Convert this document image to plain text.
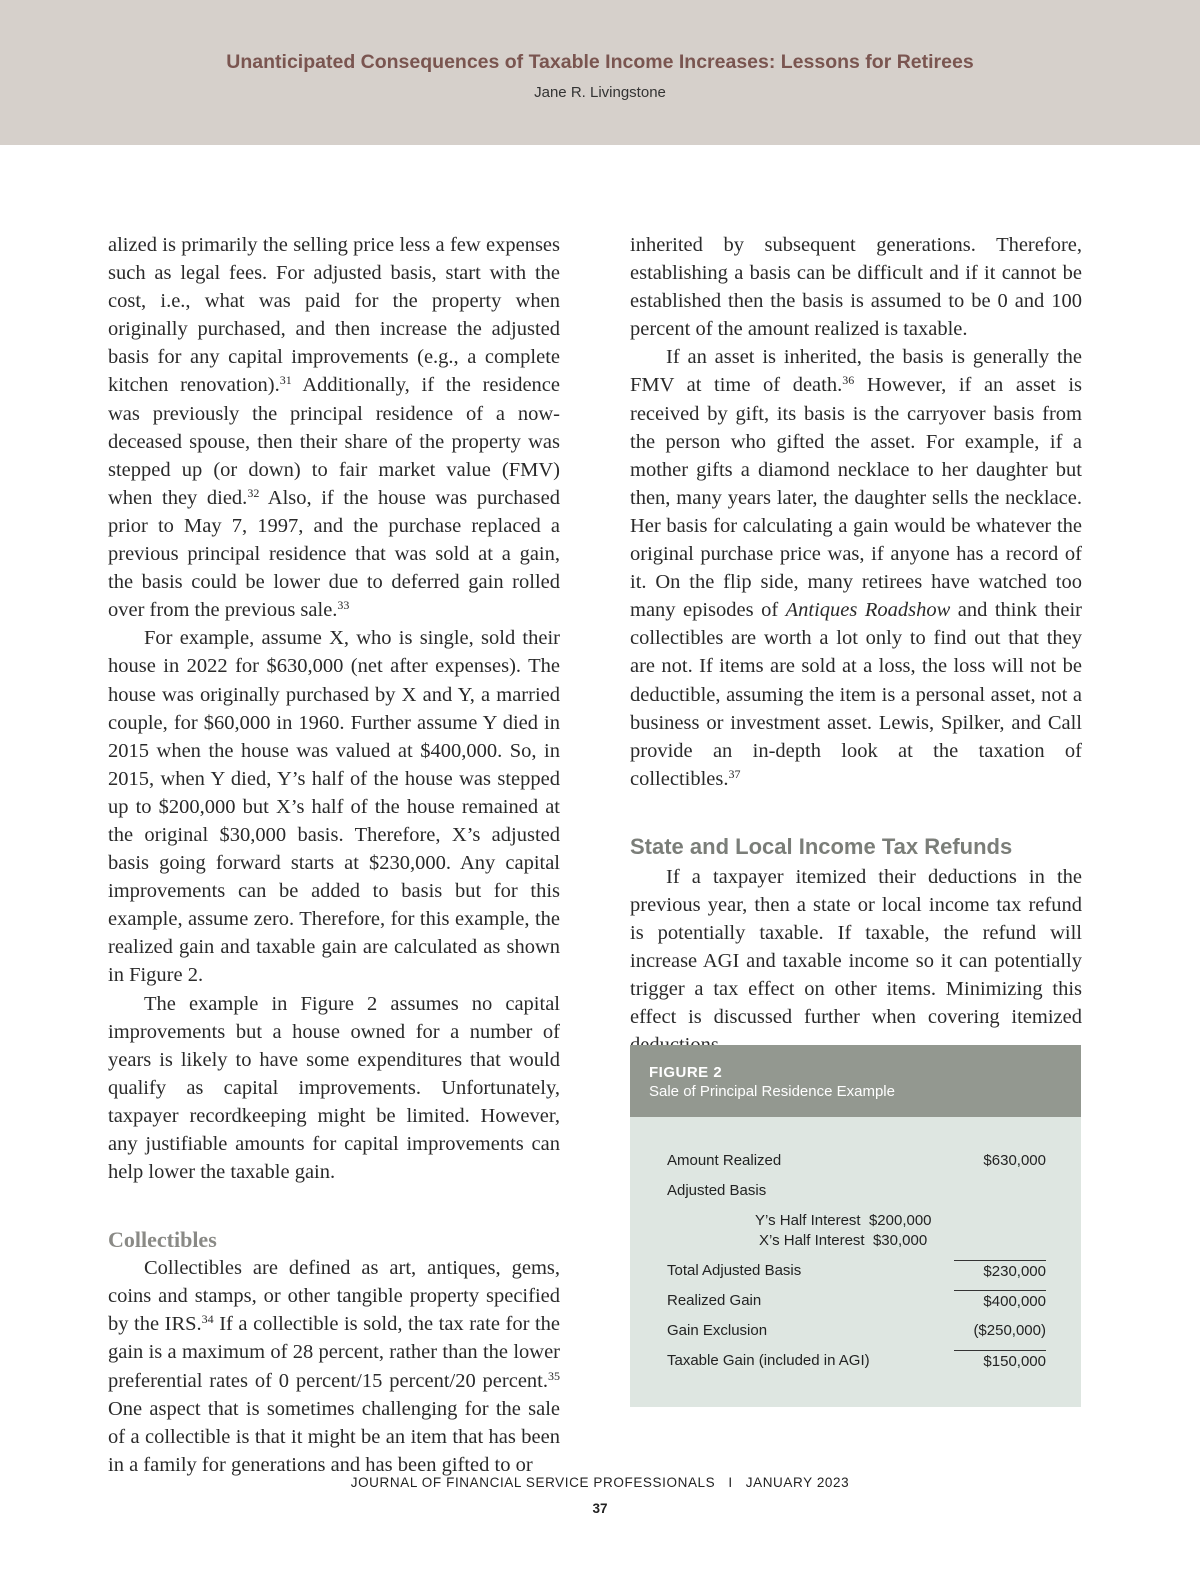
Unanticipated Consequences of Taxable Income Increases: Lessons for Retirees
Jane R. Livingstone

alized is primarily the selling price less a few expenses such as legal fees. For adjusted basis, start with the cost, i.e., what was paid for the property when originally purchased, and then increase the adjusted basis for any capital improvements (e.g., a complete kitchen renovation).$^{31}$ Additionally, if the residence was previously the principal residence of a now-deceased spouse, then their share of the property was stepped up (or down) to fair market value (FMV) when they died.$^{32}$ Also, if the house was purchased prior to May 7, 1997, and the purchase replaced a previous principal residence that was sold at a gain, the basis could be lower due to deferred gain rolled over from the previous sale.$^{33}$

For example, assume X, who is single, sold their house in 2022 for $630,000 (net after expenses). The house was originally purchased by X and Y, a married couple, for $60,000 in 1960. Further assume Y died in 2015 when the house was valued at $400,000. So, in 2015, when Y died, Y’s half of the house was stepped up to $200,000 but X’s half of the house remained at the original $30,000 basis. Therefore, X’s adjusted basis going forward starts at $230,000. Any capital improvements can be added to basis but for this example, assume zero. Therefore, for this example, the realized gain and taxable gain are calculated as shown in Figure 2.

The example in Figure 2 assumes no capital improvements but a house owned for a number of years is likely to have some expenditures that would qualify as capital improvements. Unfortunately, taxpayer recordkeeping might be limited. However, any justifiable amounts for capital improvements can help lower the taxable gain.

Collectibles

Collectibles are defined as art, antiques, gems, coins and stamps, or other tangible property specified by the IRS.$^{34}$ If a collectible is sold, the tax rate for the gain is a maximum of 28 percent, rather than the lower preferential rates of 0 percent/15 percent/20 percent.$^{35}$ One aspect that is sometimes challenging for the sale of a collectible is that it might be an item that has been in a family for generations and has been gifted to or

inherited by subsequent generations. Therefore, establishing a basis can be difficult and if it cannot be established then the basis is assumed to be 0 and 100 percent of the amount realized is taxable.

If an asset is inherited, the basis is generally the FMV at time of death.$^{36}$ However, if an asset is received by gift, its basis is the carryover basis from the person who gifted the asset. For example, if a mother gifts a diamond necklace to her daughter but then, many years later, the daughter sells the necklace. Her basis for calculating a gain would be whatever the original purchase price was, if anyone has a record of it. On the flip side, many retirees have watched too many episodes of Antiques Roadshow and think their collectibles are worth a lot only to find out that they are not. If items are sold at a loss, the loss will not be deductible, assuming the item is a personal asset, not a business or investment asset. Lewis, Spilker, and Call provide an in-depth look at the taxation of collectibles.$^{37}$

State and Local Income Tax Refunds

If a taxpayer itemized their deductions in the previous year, then a state or local income tax refund is potentially taxable. If taxable, the refund will increase AGI and taxable income so it can potentially trigger a tax effect on other items. Minimizing this effect is discussed further when covering itemized

FIGURE 2
Sale of Principal Residence Example
Amount Realized	$630,000
Adjusted Basis
Y’s Half Interest $200,000
X’s Half Interest $30,000
Total Adjusted Basis	$230,000
Realized Gain	$400,000
Gain Exclusion	($250,000)
Taxable Gain (included in AGI)	$150,000
JOURNAL OF FINANCIAL SERVICE PROFESSIONALS I JANUARY 2023
37
